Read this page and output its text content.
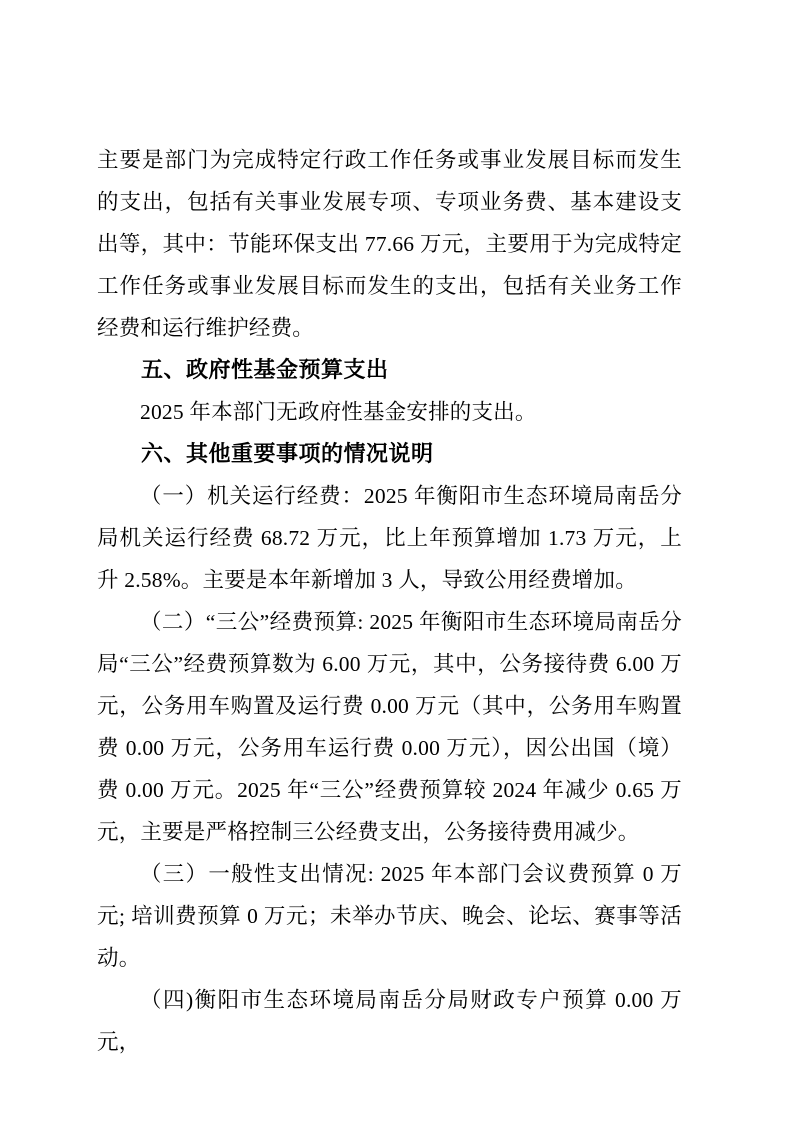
主要是部门为完成特定行政工作任务或事业发展目标而发生的支出，包括有关事业发展专项、专项业务费、基本建设支出等，其中：节能环保支出 77.66 万元，主要用于为完成特定工作任务或事业发展目标而发生的支出，包括有关业务工作经费和运行维护经费。

五、政府性基金预算支出

2025 年本部门无政府性基金安排的支出。

六、其他重要事项的情况说明

（一）机关运行经费：2025 年衡阳市生态环境局南岳分局机关运行经费 68.72 万元，比上年预算增加 1.73 万元，上升 2.58%。主要是本年新增加 3 人，导致公用经费增加。

（二）“三公”经费预算: 2025 年衡阳市生态环境局南岳分局“三公”经费预算数为 6.00 万元，其中，公务接待费 6.00 万元，公务用车购置及运行费 0.00 万元（其中，公务用车购置费 0.00 万元，公务用车运行费 0.00 万元），因公出国（境）费 0.00 万元。2025 年“三公”经费预算较 2024 年减少 0.65 万元，主要是严格控制三公经费支出，公务接待费用减少。

（三）一般性支出情况: 2025 年本部门会议费预算 0 万元; 培训费预算 0 万元；未举办节庆、晚会、论坛、赛事等活动。

（四)衡阳市生态环境局南岳分局财政专户预算 0.00 万元，
